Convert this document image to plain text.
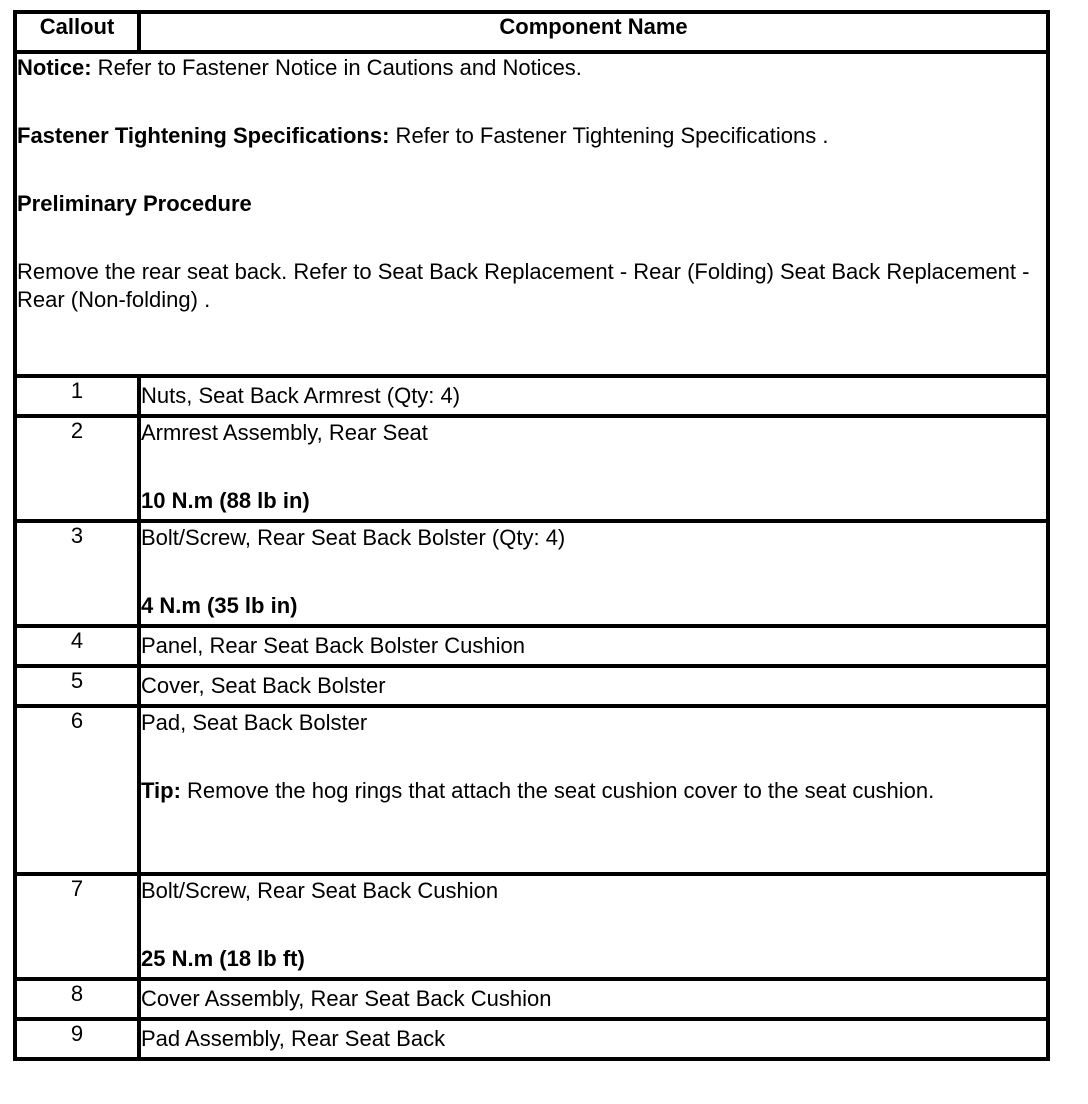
Callout	Component Name

Notice: Refer to Fastener Notice in Cautions and Notices.

Fastener Tightening Specifications: Refer to Fastener Tightening Specifications .

Preliminary Procedure

Remove the rear seat back. Refer to Seat Back Replacement - Rear (Folding) Seat Back Replacement - Rear (Non-folding) .	

1	Nuts, Seat Back Armrest (Qty: 4)
2	Armrest Assembly, Rear Seat
10 N.m (88 lb in)

3	Bolt/Screw, Rear Seat Back Bolster (Qty: 4)
4 N.m (35 lb in)

4	Panel, Rear Seat Back Bolster Cushion
5	Cover, Seat Back Bolster
6	Pad, Seat Back Bolster
Tip: Remove the hog rings that attach the seat cushion cover to the seat cushion.

7	Bolt/Screw, Rear Seat Back Cushion
25 N.m (18 lb ft)

8	Cover Assembly, Rear Seat Back Cushion
9	Pad Assembly, Rear Seat Back
